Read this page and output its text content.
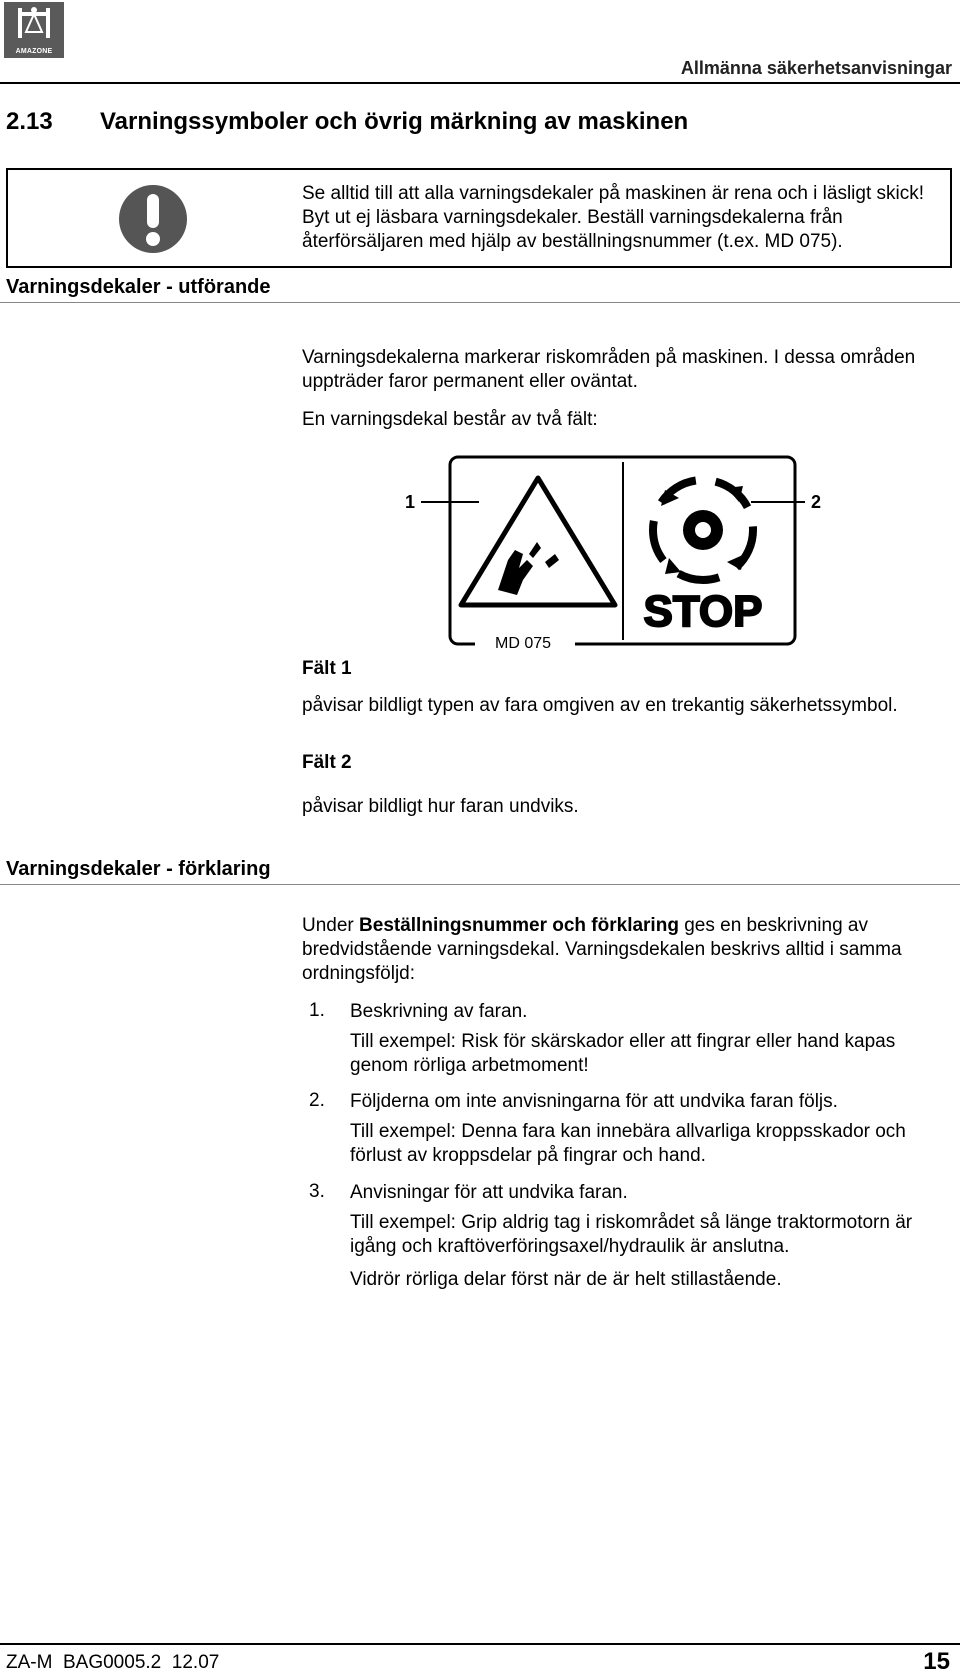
AMAZONE
Allmänna säkerhetsanvisningar
2.13 Varningssymboler och övrig märkning av maskinen
Se alltid till att alla varningsdekaler på maskinen är rena och i läsligt skick! Byt ut ej läsbara varningsdekaler. Beställ varningsdekalerna från återförsäljaren med hjälp av beställningsnummer (t.ex. MD 075).
Varningsdekaler - utförande
Varningsdekalerna markerar riskområden på maskinen. I dessa områden uppträder faror permanent eller oväntat.
En varningsdekal består av två fält:
1	2
STOP
MD 075
Fält 1
påvisar bildligt typen av fara omgiven av en trekantig säkerhetssymbol.
Fält 2
påvisar bildligt hur faran undviks.
Varningsdekaler - förklaring
Under Beställningsnummer och förklaring ges en beskrivning av bredvidstående varningsdekal. Varningsdekalen beskrivs alltid i samma ordningsföljd:
1. Beskrivning av faran.
Till exempel: Risk för skärskador eller att fingrar eller hand kapas genom rörliga arbetmoment!
2. Följderna om inte anvisningarna för att undvika faran följs.
Till exempel: Denna fara kan innebära allvarliga kroppsskador och förlust av kroppsdelar på fingrar och hand.
3. Anvisningar för att undvika faran.
Till exempel: Grip aldrig tag i riskområdet så länge traktormotorn är igång och kraftöverföringsaxel/hydraulik är anslutna.
Vidrör rörliga delar först när de är helt stillastående.
ZA-M  BAG0005.2  12.07	15
